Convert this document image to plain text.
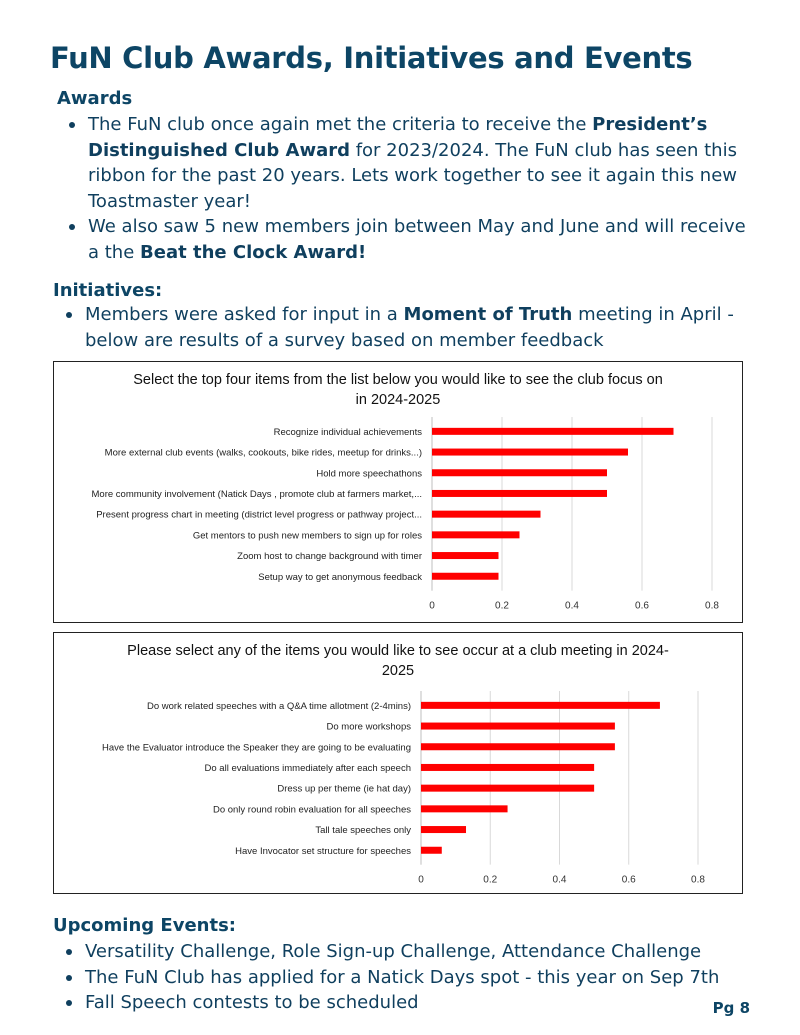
FuN Club Awards, Initiatives and Events
Awards
The FuN club once again met the criteria to receive the President’s Distinguished Club Award for 2023/2024. The FuN club has seen this ribbon for the past 20 years. Lets work together to see it again this new Toastmaster year!
We also saw 5 new members join between May and June and will receive a the Beat the Clock Award!
Initiatives:
Members were asked for input in a Moment of Truth meeting in April - below are results of a survey based on member feedback
Select the top four items from the list below you would like to see the club focus on
in 2024-2025
0	0.2	0.4	0.6	0.8
Recognize individual achievements
More external club events (walks, cookouts, bike rides, meetup for drinks...)
Hold more speechathons
More community involvement (Natick Days , promote club at farmers market,...
Present progress chart in meeting (district level progress or pathway project...
Get mentors to push new members to sign up for roles
Zoom host to change background with timer
Setup way to get anonymous feedback
Please select any of the items you would like to see occur at a club meeting in 2024-
2025
0	0.2	0.4	0.6	0.8
Do work related speeches with a Q&A time allotment (2-4mins)
Do more workshops
Have the Evaluator introduce the Speaker they are going to be evaluating
Do all evaluations immediately after each speech
Dress up per theme (ie hat day)
Do only round robin evaluation for all speeches
Tall tale speeches only
Have Invocator set structure for speeches
Upcoming Events:
Versatility Challenge, Role Sign-up Challenge, Attendance Challenge
The FuN Club has applied for a Natick Days spot - this year on Sep 7th
Fall Speech contests to be scheduled	Pg 8
